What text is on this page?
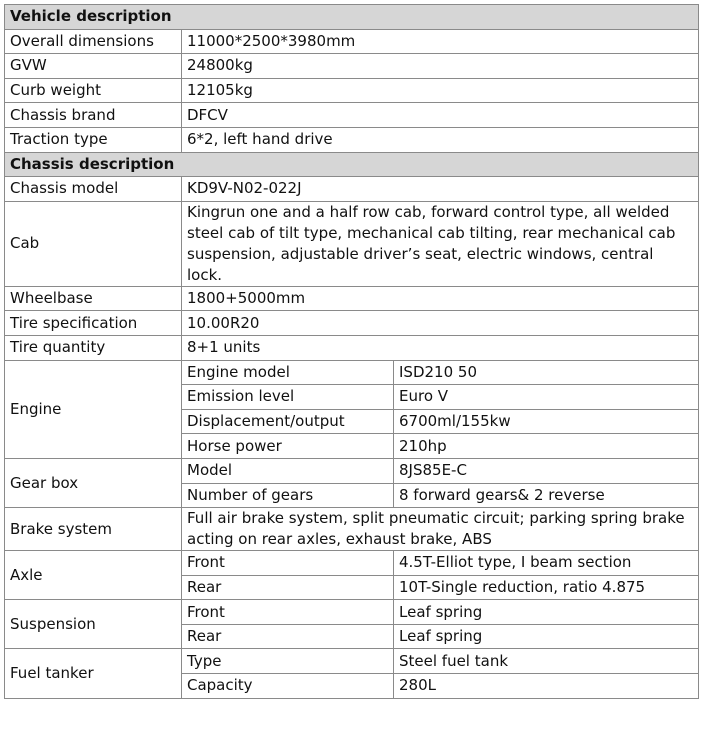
Vehicle description		
Overall dimensions	11000*2500*3980mm	
GVW	24800kg	
Curb weight	12105kg	
Chassis brand	DFCV	
Traction type	6*2, left hand drive	
Chassis description		
Chassis model	KD9V-N02-022J	
Cab	Kingrun one and a half row cab, forward control type, all welded steel cab of tilt type, mechanical cab tilting, rear mechanical cab suspension, adjustable driver’s seat, electric windows, central lock.	
Wheelbase	1800+5000mm	
Tire specification	10.00R20	
Tire quantity	8+1 units	
Engine	Engine model	ISD210 50
	Emission level	Euro V
	Displacement/output	6700ml/155kw
	Horse power	210hp
Gear box	Model	8JS85E-C
	Number of gears	8 forward gears& 2 reverse
Brake system	Full air brake system, split pneumatic circuit; parking spring brake acting on rear axles, exhaust brake, ABS	
Axle	Front	4.5T-Elliot type, I beam section
	Rear	10T-Single reduction, ratio 4.875
Suspension	Front	Leaf spring
	Rear	Leaf spring
Fuel tanker	Type	Steel fuel tank
	Capacity	280L
